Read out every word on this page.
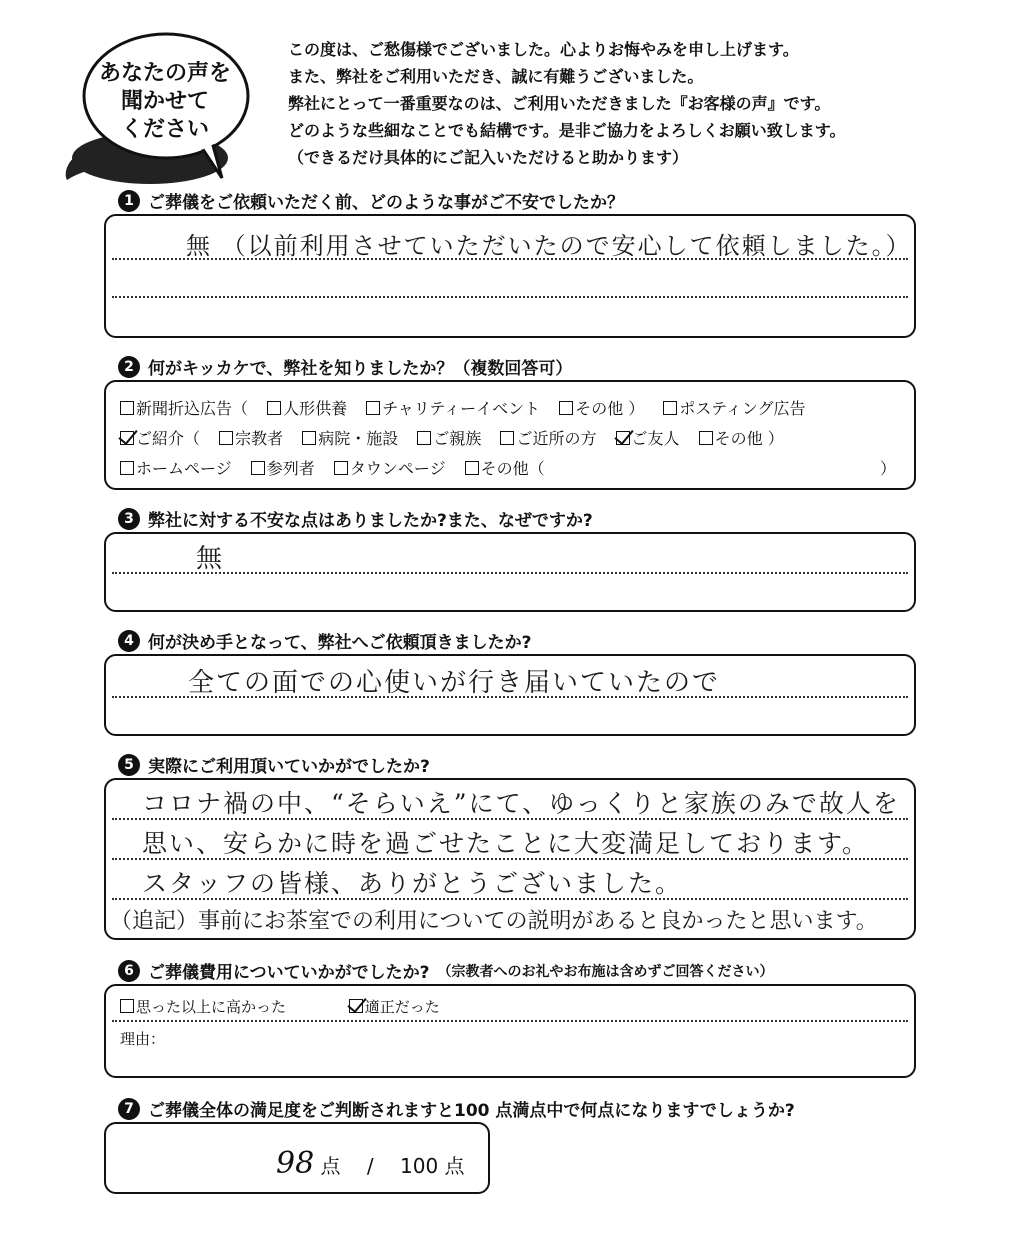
あなたの声を
聞かせて
ください
この度は、ご愁傷様でございました。心よりお悔やみを申し上げます。
また、弊社をご利用いただき、誠に有難うございました。
弊社にとって一番重要なのは、ご利用いただきました『お客様の声』です。
どのような些細なことでも結構です。是非ご協力をよろしくお願い致します。
（できるだけ具体的にご記入いただけると助かります）
1 ご葬儀をご依頼いただく前、どのような事がご不安でしたか？
無 （以前利用させていただいたので安心して依頼しました。）
2 何がキッカケで、弊社を知りましたか？（複数回答可）
新聞折込広告（ 人形供養 チャリティーイベント その他 ） ポスティング広告
ご紹介（ 宗教者 病院・施設 ご親族 ご近所の方 ご友人 その他 ）
ホームページ 参列者 タウンページ その他（	）
3 弊社に対する不安な点はありましたか?また、なぜですか?
無
4 何が決め手となって、弊社へご依頼頂きましたか?
全ての面での心使いが行き届いていたので
5 実際にご利用頂いていかがでしたか?
コロナ禍の中、“そらいえ”にて、ゆっくりと家族のみで故人を
思い、安らかに時を過ごせたことに大変満足しております。
スタッフの皆様、ありがとうございました。
（追記）事前にお茶室での利用についての説明があると良かったと思います。
6 ご葬儀費用についていかがでしたか? （宗教者へのお礼やお布施は含めずご回答ください）
思った以上に高かった	適正だった
理由：
7 ご葬儀全体の満足度をご判断されますと100 点満点中で何点になりますでしょうか?
98 点 / 100 点
